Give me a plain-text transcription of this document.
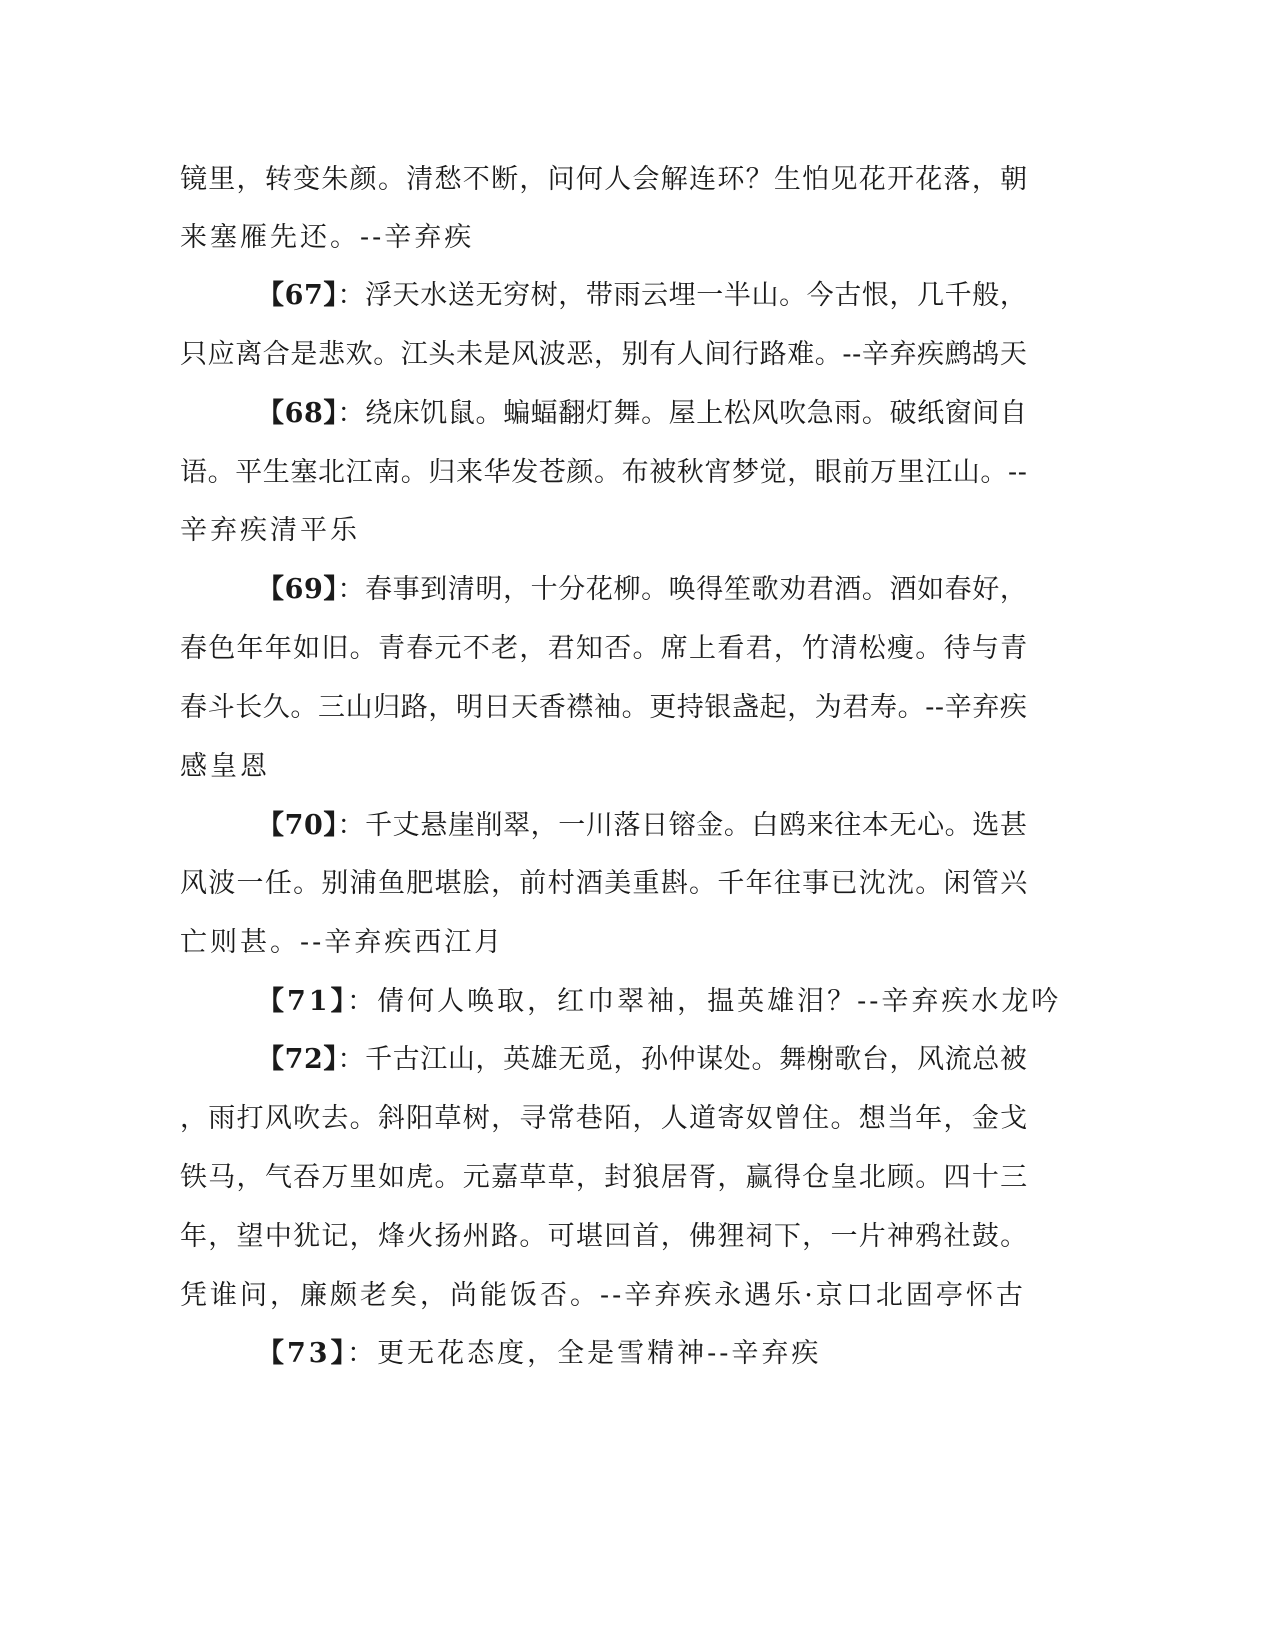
镜里，转变朱颜。清愁不断，问何人会解连环？生怕见花开花落，朝
来塞雁先还。--辛弃疾
【67】：浮天水送无穷树，带雨云埋一半山。今古恨，几千般，
只应离合是悲欢。江头未是风波恶，别有人间行路难。--辛弃疾鹧鸪天
【68】：绕床饥鼠。蝙蝠翻灯舞。屋上松风吹急雨。破纸窗间自
语。平生塞北江南。归来华发苍颜。布被秋宵梦觉，眼前万里江山。--
辛弃疾清平乐
【69】：春事到清明，十分花柳。唤得笙歌劝君酒。酒如春好，
春色年年如旧。青春元不老，君知否。席上看君，竹清松瘦。待与青
春斗长久。三山归路，明日天香襟袖。更持银盏起，为君寿。--辛弃疾
感皇恩
【70】：千丈悬崖削翠，一川落日镕金。白鸥来往本无心。选甚
风波一任。别浦鱼肥堪脍，前村酒美重斟。千年往事已沈沈。闲管兴
亡则甚。--辛弃疾西江月
【71】：倩何人唤取，红巾翠袖，揾英雄泪？--辛弃疾水龙吟
【72】：千古江山，英雄无觅，孙仲谋处。舞榭歌台，风流总被
，雨打风吹去。斜阳草树，寻常巷陌，人道寄奴曾住。想当年，金戈
铁马，气吞万里如虎。元嘉草草，封狼居胥，赢得仓皇北顾。四十三
年，望中犹记，烽火扬州路。可堪回首，佛狸祠下，一片神鸦社鼓。
凭谁问，廉颇老矣，尚能饭否。--辛弃疾永遇乐·京口北固亭怀古
【73】：更无花态度，全是雪精神--辛弃疾
